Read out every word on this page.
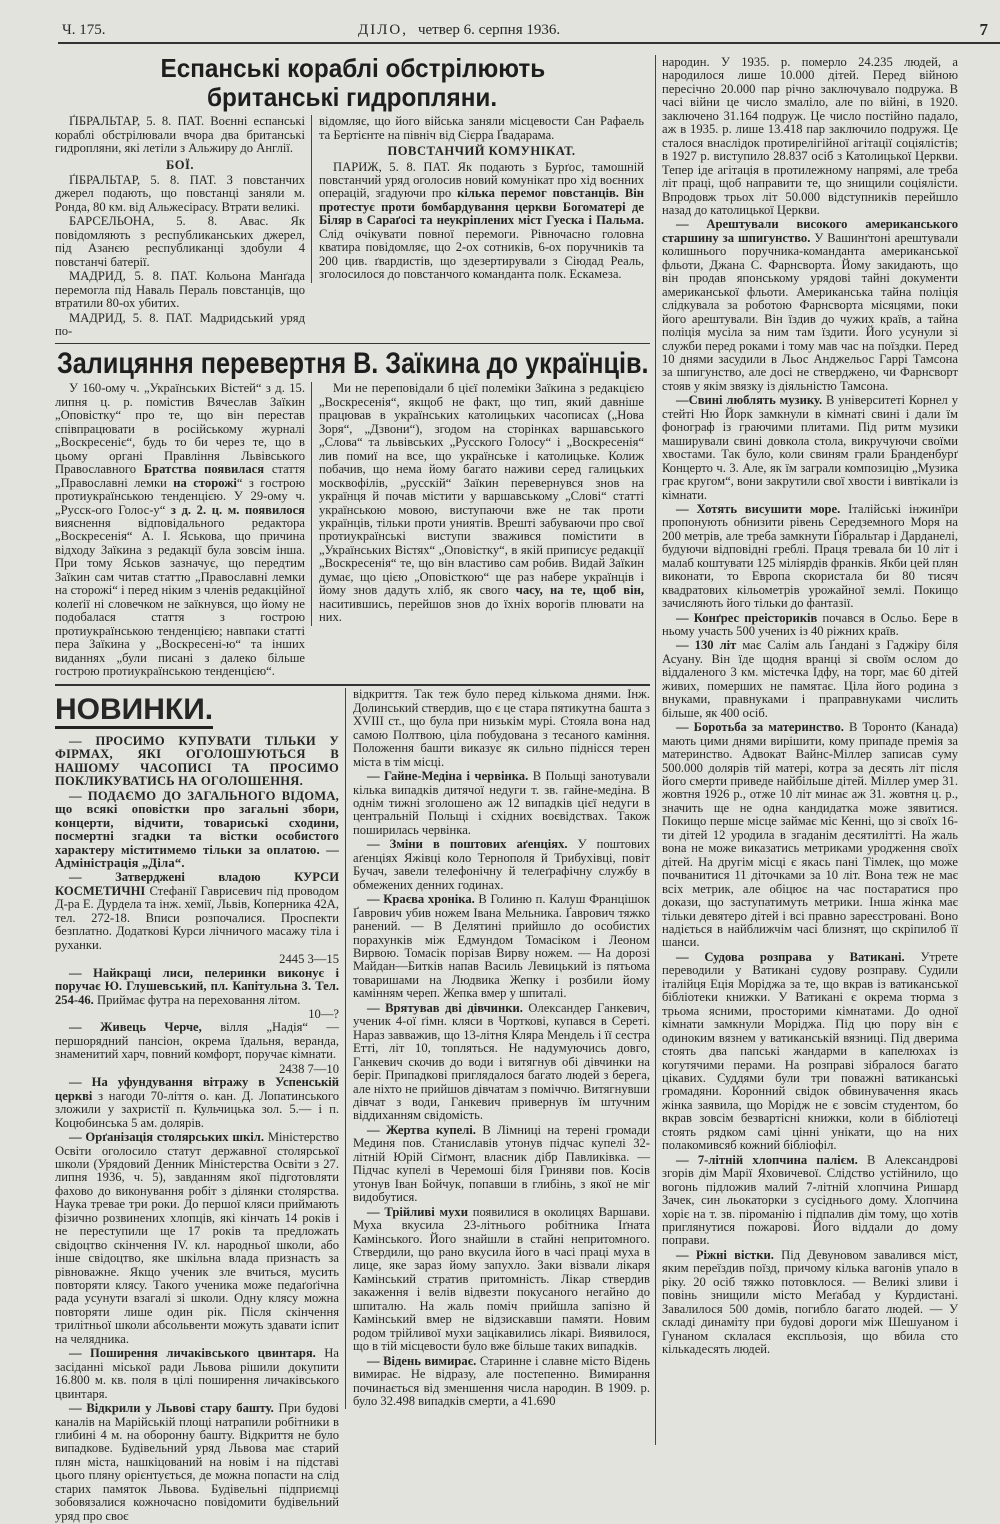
Ч. 175.	ДІЛО, четвер 6. серпня 1936.	7
Еспанські кораблі обстрілюють
британські гидропляни.

ҐІБРАЛЬТАР, 5. 8. ПАТ. Воєнні еспанські кораблі обстрілювали вчора два британські гидропляни, які летіли з Альжиру до Англії.

БОЇ.

ҐІБРАЛЬТАР, 5. 8. ПАТ. З повстанчих джерел подають, що повстанці заняли м. Ронда, 80 км. від Альжесірасу. Втрати великі.

БАРСЕЛЬОНА, 5. 8. Авас. Як повідомляють з республиканських джерел, під Азанєю республиканці здобули 4 повстанчі батерії.

МАДРИД, 5. 8. ПАТ. Кольона Манґада перемогла під Наваль Пераль повстанців, що втратили 80-ох убитих.

МАДРИД, 5. 8. ПАТ. Мадридський уряд по-

відомляє, що його війська заняли місцевости Сан Рафаель та Бертієнте на північ від Сієрра Ґвадарама.

ПОВСТАНЧИЙ КОМУНІКАТ.

ПАРИЖ, 5. 8. ПАТ. Як подають з Бурґос, тамошній повстанчий уряд оголосив новий комунікат про хід воєнних операцій, згадуючи про кілька перемог повстанців. Він протестує проти бомбардування церкви Богоматері де Біляр в Сараґосі та неукріплених міст Гуеска і Пальма. Слід очікувати повної перемоги. Рівночасно головна кватира повідомляє, що 2-ох сотників, 6-ох поручників та 200 цив. ґвардистів, що здезертирували з Сіюдад Реаль, зголосилося до повстанчого команданта полк. Ескамеза.

Залицяння перевертня В. Заїкина до українців.

У 160-ому ч. „Українських Вістей“ з д. 15. липня ц. р. помістив Вячеслав Заїкин „Оповістку“ про те, що він перестав співпрацювати в російському журналі „Воскресеніє“, будь то би через те, що в цьому органі Правління Львівського Православного Братства появилася стаття „Православні лемки на сторожі“ з гострою протиукраїнською тенденцією. У 29-ому ч. „Русск-ого Голос-у“ з д. 2. ц. м. появилося вияснення відповідального редактора „Воскресенія“ А. І. Яськова, що причина відходу Заїкина з редакції була зовсім інша. При тому Яськов зазначує, що передтим Заїкин сам читав статтю „Православні лемки на сторожі“ і перед ніким з членів редакційної колеґії ні словечком не заїкнувся, що йому не подобалася стаття з гострою протиукраїнською тенденцією; навпаки статті пера Заїкина у „Воскресені-ю“ та інших виданнях „були писані з далеко більше гострою протиукраїнською тенденцією“.

Ми не переповідали б цієї полеміки Заїкина з редакцією „Воскресенія“, якщоб не факт, що тип, який давніше працював в українських католицьких часописах („Нова Зоря“, „Дзвони“), згодом на сторінках варшавського „Слова“ та львівських „Русского Голосу“ і „Воскресенія“ лив помиї на все, що українське і католицьке. Колиж побачив, що нема йому багато наживи серед галицьких москвофілів, „русскій“ Заїкин перевернувся знов на українця й почав містити у варшавському „Слові“ статті українською мовою, виступаючи вже не так проти українців, тільки проти униятів. Врешті забуваючи про свої протиукраїнські виступи зважився помістити в „Українських Вістях“ „Оповістку“, в якій приписує редакції „Воскресенія“ те, що він властиво сам робив. Видай Заїкин думає, що цією „Оповісткою“ ще раз набере українців і йому знов дадуть хліб, як свого часу, на те, щоб він, наситившись, перейшов знов до їхніх ворогів плювати на них.

НОВИНКИ.

— ПРОСИМО КУПУВАТИ ТІЛЬКИ У ФІРМАХ, ЯКІ ОГОЛОШУЮТЬСЯ В НАШОМУ ЧАСОПИСІ ТА ПРОСИМО ПОКЛИКУВАТИСЬ НА ОГОЛОШЕННЯ.

— ПОДАЄМО ДО ЗАГАЛЬНОГО ВІДОМА, що всякі оповістки про загальні збори, концерти, відчити, товариські сходини, посмертні згадки та вістки особистого характеру міститимемо тільки за оплатою. — Адміністрація „Діла“.

— Затверджені владою КУРСИ КОСМЕТИЧНІ Стефанії Гаврисевич під проводом Д-ра Е. Дурдела та інж. хемії, Львів, Коперника 42А, тел. 272-18. Вписи розпочалися. Проспекти безплатно. Додаткові Курси лічничого масажу тіла і руханки.

2445 3—15

— Найкращі лиси, пелеринки виконує і поручає Ю. Глушевський, пл. Капітульна 3. Тел. 254-46. Приймає футра на переховання літом.

10—?

— Живець Черче, вілля „Надія“ — першорядний пансіон, окрема їдальня, веранда, знаменитий харч, повний комфорт, поручає кімнати.

2438 7—10

— На уфундування вітражу в Успенській церкві з нагоди 70-ліття о. кан. Д. Лопатинського зложили у захристії п. Кульчицька зол. 5.— і п. Коцюбинська 5 ам. долярів.

— Орґанізація столярських шкіл. Міністерство Освіти оголосило статут державної столярської школи (Урядовий Денник Міністерства Освіти з 27. липня 1936, ч. 5), завданням якої підготовляти фахово до виконування робіт з ділянки столярства. Наука тревае три роки. До першої кляси приймають фізично розвинених хлопців, які кінчать 14 років і не переступили ще 17 років та предложать свідоцтво скінчення IV. кл. народньої школи, або інше свідоцтво, яке шкільна влада признасть за рівноважне. Якщо ученик зле вчиться, мусить повторяти клясу. Такого ученика може педаґоґічна рада усунути взагалі зі школи. Одну клясу можна повторяти лише один рік. Після скінчення трилітньої школи абсольвенти можуть здавати іспит на челядника.

— Поширення личаківського цвинтаря. На засіданні міської ради Львова рішили докупити 16.800 м. кв. поля в цілі поширення личаківського цвинтаря.

— Відкрили у Львові стару башту. При будові каналів на Марійській площі натрапили робітники в глибині 4 м. на оборонну башту. Відкриття не було випадкове. Будівельний уряд Львова має старий плян міста, нашкіцований на новім і на підставі цього пляну орієнтується, де можна попасти на слід старих памяток Львова. Будівельні підприємці зобовязалися кожночасно повідомити будівельний уряд про своє

відкриття. Так теж було перед кількома днями. Інж. Долинський ствердив, що є це стара пятикутна башта з XVIII ст., що була при низькім мурі. Стояла вона над самою Полтвою, ціла побудована з тесаного каміння. Положення башти виказує як сильно піднісся терен міста в тім місці.

— Гайне-Медіна і червінка. В Польщі занотували кілька випадків дитячої недуги т. зв. гайне-медіна. В однім тижні зголошено аж 12 випадків цієї недуги в центральній Польщі і східних воєвідствах. Також поширилась червінка.

— Зміни в поштових аґенціях. У поштових аґенціях Яжівці коло Тернополя й Трибухівці, повіт Бучач, завели телефонічну й телеґрафічну службу в обмежених денних годинах.

— Краєва хроніка. В Голиню п. Калуш Францішок Ґаврович убив ножем Івана Мельника. Ґаврович тяжко ранений. — В Делятині прийшло до особистих порахунків між Едмундом Томасіком і Леоном Вирвою. Томасік порізав Вирву ножем. — На дорозі Майдан—Битків напав Василь Левицький із пятьома товаришами на Людвика Жепку і розбили йому камінням череп. Жепка вмер у шпиталі.

— Врятував дві дівчинки. Олександер Ганкевич, ученик 4-ої ґімн. кляси в Чорткові, купався в Сереті. Нараз завважив, що 13-літня Кляра Мендель і її сестра Етті, літ 10, топляться. Не надумуючись довго, Ганкевич скочив до води і витягнув обі дівчинки на беріг. Припадкові приглядалося багато людей з берега, але ніхто не прийшов дівчатам з поміччю. Витягнувши дівчат з води, Ганкевич привернув їм штучним віддиханням свідомість.

— Жертва купелі. В Лімниці на терені громади Мединя пов. Станиславів утонув підчас купелі 32-літній Юрій Сіґмонт, власник дібр Павликівка. — Підчас купелі в Черемоші біля Гриняви пов. Косів утонув Іван Бойчук, попавши в глибінь, з якої не міг видобутися.

— Трійливі мухи появилися в околицях Варшави. Муха вкусила 23-літнього робітника Іґната Камінського. Його знайшли в стайні непритомного. Ствердили, що рано вкусила його в часі праці муха в лице, яке зараз йому запухло. Заки візвали лікаря Камінський стратив притомність. Лікар ствердив закаження і велів відвезти покусаного негайно до шпиталю. На жаль поміч прийшла запізно й Камінський вмер не відзискавши памяти. Новим родом трійливої мухи зацікавились лікарі. Виявилося, що в тій місцевости було вже більше таких випадків.

— Відень вимирає. Старинне і славне місто Відень вимирає. Не відразу, але постепенно. Вимирання починається від зменшення числа народин. В 1909. р. було 32.498 випадків смерти, а 41.690

народин. У 1935. р. померло 24.235 людей, а народилося лише 10.000 дітей. Перед війною пересічно 20.000 пар річно заключувало подружа. В часі війни це число змаліло, але по війні, в 1920. заключено 31.164 подруж. Це число постійно падало, аж в 1935. р. лише 13.418 пар заключило подружя. Це сталося внаслідок протирелігійної агітації соціялістів; в 1927 р. виступило 28.837 осіб з Католицької Церкви. Тепер іде агітація в протилежному напрямі, але треба літ праці, щоб направити те, що знищили соціялісти. Впродовж трьох літ 50.000 відступників перейшло назад до католицької Церкви.

— Арештували високого американського старшину за шпигунство. У Вашинґтоні арештували колишнього поручника-команданта американської фльоти, Джана С. Фарнсворта. Йому закидають, що він продав японському урядові тайні документи американської фльоти. Американська тайна поліція слідкувала за роботою Фарнсворта місяцями, поки його арештували. Він їздив до чужих країв, а тайна поліція мусіла за ним там їздити. Його усунули зі служби перед роками і тому мав час на поїздки. Перед 10 днями засудили в Льос Анджельос Гаррі Тамсона за шпигунство, але досі не стверджено, чи Фарнсворт стояв у якім звязку із діяльністю Тамсона.

—Свині люблять музику. В університеті Корнел у стейті Ню Йорк замкнули в кімнаті свині і дали їм фонограф із граючими плитами. Під ритм музики маширували свині довкола стола, викручуючи своїми хвостами. Так було, коли свиням грали Бранденбурґ Концерто ч. 3. Але, як їм заграли композицію „Музика грає кругом“, вони закрутили свої хвости і вивтікали із кімнати.

— Хотять висушити море. Італійські інжинїри пропонують обнизити рівень Середземного Моря на 200 метрів, але треба замкнути Ґібральтар і Дарданелі, будуючи відповідні греблі. Праця тревала би 10 літ і малаб коштувати 125 міліярдів франків. Якби цей плян виконати, то Европа скористала би 80 тисяч квадратових кільометрів урожайної землі. Покищо зачисляють його тільки до фантазії.

— Конґрес преісториків почався в Осльо. Бере в ньому участь 500 учених із 40 ріжних країв.

— 130 літ має Салім аль Ґандані з Гаджіру біля Асуану. Він їде щодня вранці зі своїм ослом до віддаленого 3 км. містечка Ідфу, на торг, має 60 дітей живих, померших не памятає. Ціла його родина з внуками, правнуками і праправнуками числить більше, як 400 осіб.

— Боротьба за материнство. В Торонто (Канада) мають цими днями вирішити, кому припаде премія за материнство. Адвокат Вайнс-Міллер записав суму 500.000 долярів тій матері, котра за десять літ після його смерти приведе найбільше дітей. Міллер умер 31. жовтня 1926 р., отже 10 літ минає аж 31. жовтня ц. р., значить ще не одна кандидатка може зявитися. Покищо перше місце займає міс Кенні, що зі своїх 16-ти дітей 12 уродила в згаданім десятилітті. На жаль вона не може виказатись метриками уродження своїх дітей. На другім місці є якась пані Тімлек, що може почванитися 11 діточками за 10 літ. Вона теж не має всіх метрик, але обіцює на час постаратися про докази, що заступатимуть метрики. Інша жінка має тільки девятеро дітей і всі правно зареєстровані. Воно надіється в найближчім часі близнят, що скріпилоб її шанси.

— Судова розправа у Ватикані. Утрете переводили у Ватикані судову розправу. Судили італійця Еція Моріджа за те, що вкрав із ватиканської бібліотеки книжки. У Ватикані є окрема тюрма з трьома ясними, просторими кімнатами. До одної кімнати замкнули Моріджа. Під цю пору він є одиноким вязнем у ватиканській вязниці. Під дверима стоять два папські жандарми в капелюхах із когутячими перами. На розправі зібралося багато цікавих. Суддями були три поважні ватиканські громадяни. Коронний свідок обвинувачення якась жінка заявила, що Морідж не є зовсім студентом, бо вкрав зовсім безвартісні книжки, коли в бібліотеці стоять рядком самі цінні унікати, що на них полакомивсяб кожний бібліофіл.

— 7-літній хлопчина палієм. В Александрові згорів дім Марії Яховичевої. Слідство устійнило, що вогонь підложив малий 7-літній хлопчина Ришард Зачек, син льокаторки з сусіднього дому. Хлопчина хоріє на т. зв. піроманію і підпалив дім тому, що хотів приглянутися пожарові. Його віддали до дому поправи.

— Ріжні вістки. Під Девуновом завалився міст, яким переїздив поїзд, причому кілька вагонів упало в ріку. 20 осіб тяжко потовклося. — Великі зливи і повінь знищили місто Меґабад у Курдистані. Завалилося 500 домів, погибло багато людей. — У складі динаміту при будові дороги між Шешуаном і Гунаном склалася експльозія, що вбила сто кількадесять людей.
